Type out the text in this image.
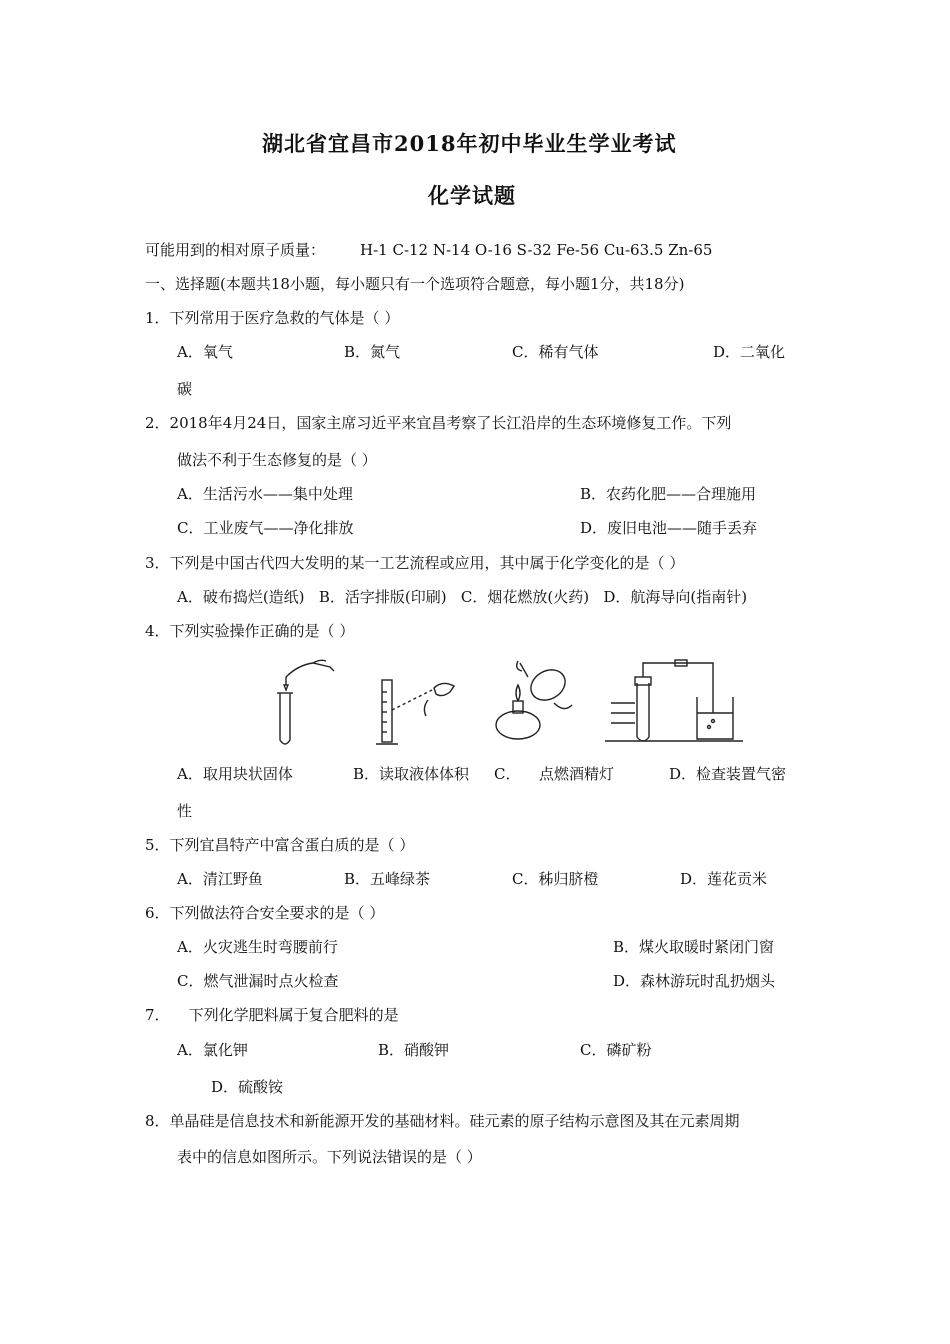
湖北省宜昌市2018年初中毕业生学业考试
化学试题
可能用到的相对原子质量： H-1 C-12 N-14 O-16 S-32 Fe-56 Cu-63.5 Zn-65
一、选择题(本题共18小题，每小题只有一个选项符合题意，每小题1分，共18分)
1．下列常用于医疗急救的气体是（ ）
A．氧气	B．氮气	C．稀有气体	D．二氧化
碳
2．2018年4月24日，国家主席习近平来宜昌考察了长江沿岸的生态环境修复工作。下列
做法不利于生态修复的是（ ）
A．生活污水——集中处理	B．农药化肥——合理施用
C．工业废气——净化排放	D．废旧电池——随手丢弃
3．下列是中国古代四大发明的某一工艺流程或应用，其中属于化学变化的是（ ）
A．破布捣烂(造纸)   B．活字排版(印刷)   C．烟花燃放(火药)   D．航海导向(指南针)
4．下列实验操作正确的是（ ）
A．取用块状固体	B．读取液体体积 C． 点燃酒精灯	D．检查装置气密
性
5．下列宜昌特产中富含蛋白质的是（ ）
A．清江野鱼	B．五峰绿茶	C．秭归脐橙	D．莲花贡米
6．下列做法符合安全要求的是（ ）
A．火灾逃生时弯腰前行	B．煤火取暖时紧闭门窗
C．燃气泄漏时点火检查	D．森林游玩时乱扔烟头
7．    下列化学肥料属于复合肥料的是
A．氯化钾	B．硝酸钾	C．磷矿粉
D．硫酸铵
8．单晶硅是信息技术和新能源开发的基础材料。硅元素的原子结构示意图及其在元素周期
表中的信息如图所示。下列说法错误的是（ ）
